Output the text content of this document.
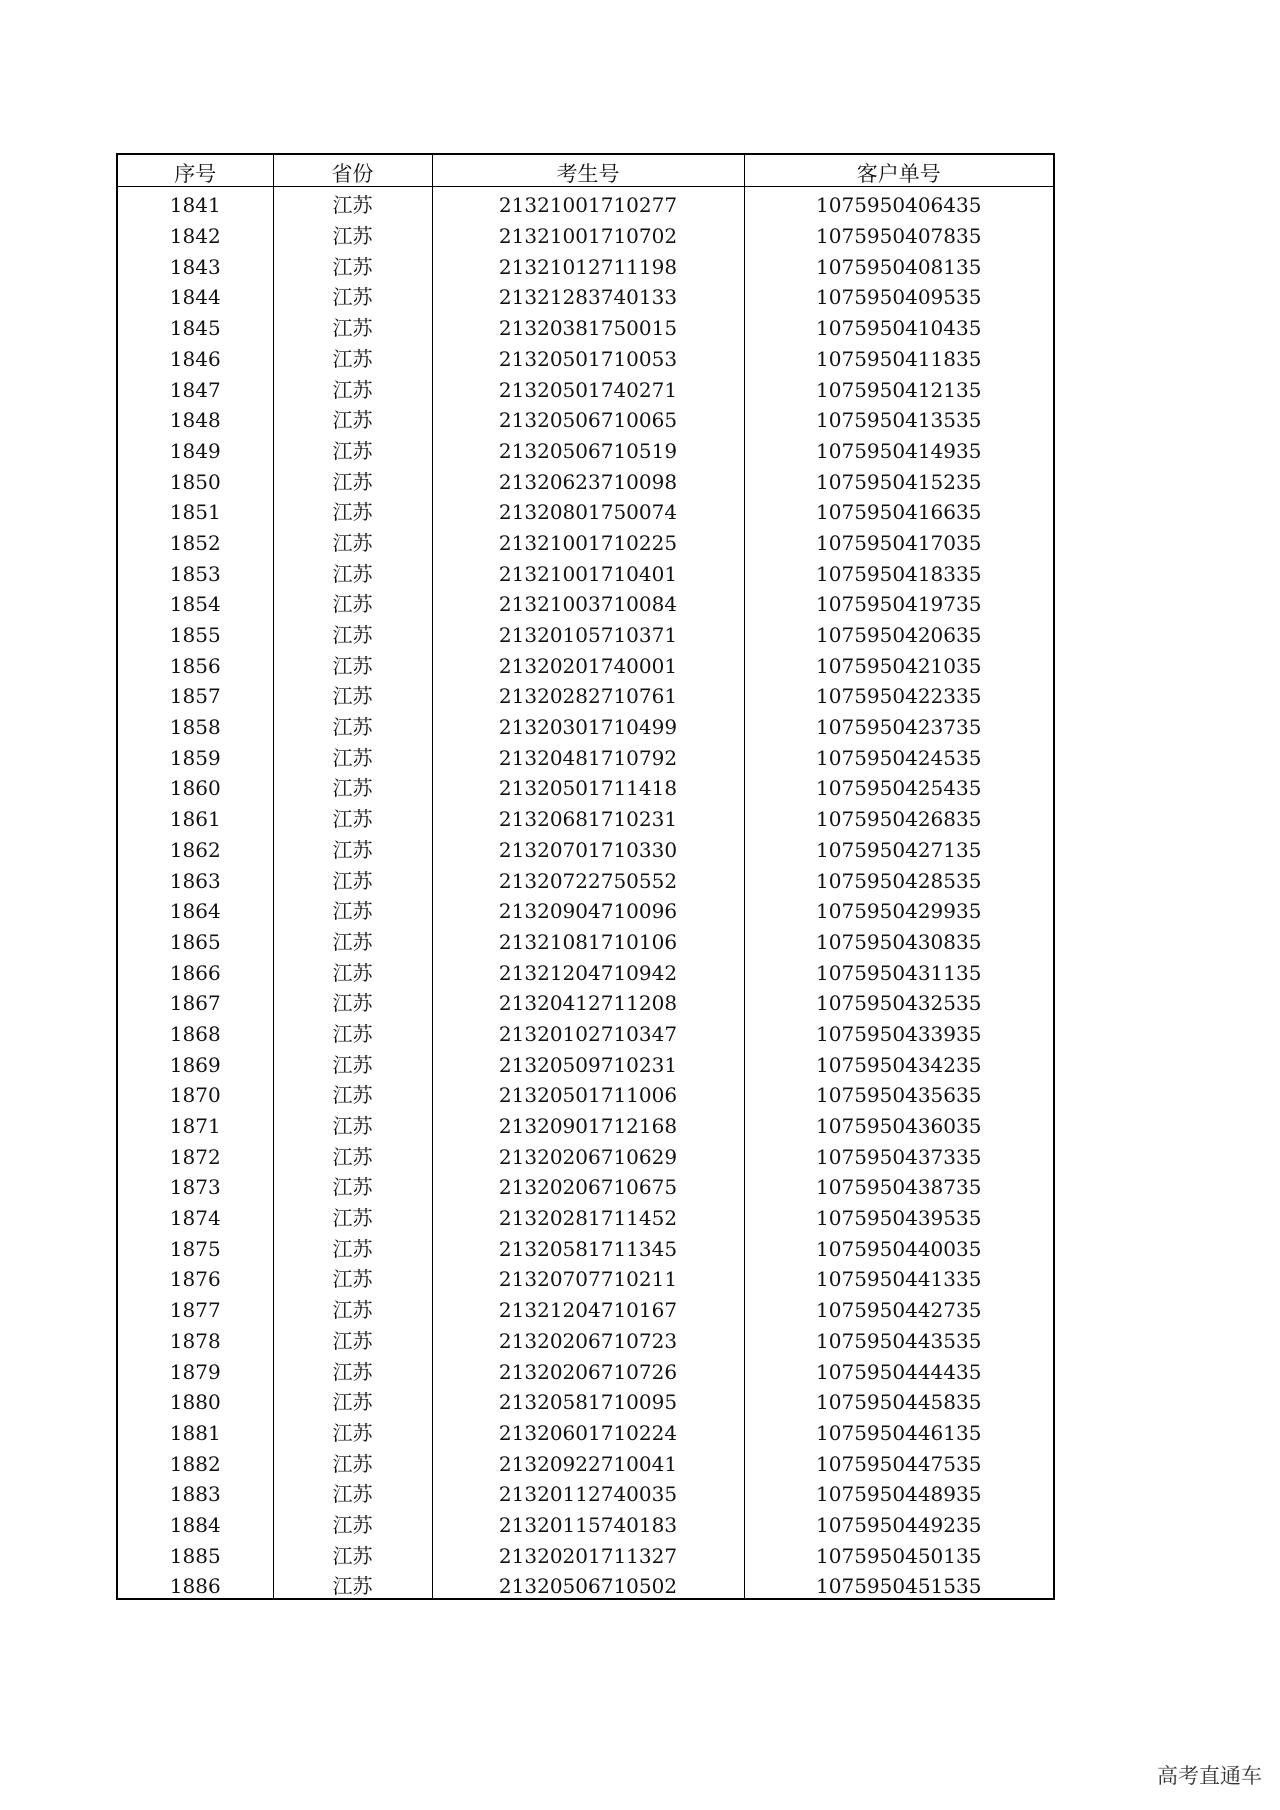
序号	省份	考生号	客户单号
1841	江苏	21321001710277	1075950406435
1842	江苏	21321001710702	1075950407835
1843	江苏	21321012711198	1075950408135
1844	江苏	21321283740133	1075950409535
1845	江苏	21320381750015	1075950410435
1846	江苏	21320501710053	1075950411835
1847	江苏	21320501740271	1075950412135
1848	江苏	21320506710065	1075950413535
1849	江苏	21320506710519	1075950414935
1850	江苏	21320623710098	1075950415235
1851	江苏	21320801750074	1075950416635
1852	江苏	21321001710225	1075950417035
1853	江苏	21321001710401	1075950418335
1854	江苏	21321003710084	1075950419735
1855	江苏	21320105710371	1075950420635
1856	江苏	21320201740001	1075950421035
1857	江苏	21320282710761	1075950422335
1858	江苏	21320301710499	1075950423735
1859	江苏	21320481710792	1075950424535
1860	江苏	21320501711418	1075950425435
1861	江苏	21320681710231	1075950426835
1862	江苏	21320701710330	1075950427135
1863	江苏	21320722750552	1075950428535
1864	江苏	21320904710096	1075950429935
1865	江苏	21321081710106	1075950430835
1866	江苏	21321204710942	1075950431135
1867	江苏	21320412711208	1075950432535
1868	江苏	21320102710347	1075950433935
1869	江苏	21320509710231	1075950434235
1870	江苏	21320501711006	1075950435635
1871	江苏	21320901712168	1075950436035
1872	江苏	21320206710629	1075950437335
1873	江苏	21320206710675	1075950438735
1874	江苏	21320281711452	1075950439535
1875	江苏	21320581711345	1075950440035
1876	江苏	21320707710211	1075950441335
1877	江苏	21321204710167	1075950442735
1878	江苏	21320206710723	1075950443535
1879	江苏	21320206710726	1075950444435
1880	江苏	21320581710095	1075950445835
1881	江苏	21320601710224	1075950446135
1882	江苏	21320922710041	1075950447535
1883	江苏	21320112740035	1075950448935
1884	江苏	21320115740183	1075950449235
1885	江苏	21320201711327	1075950450135
1886	江苏	21320506710502	1075950451535
高考直通车
